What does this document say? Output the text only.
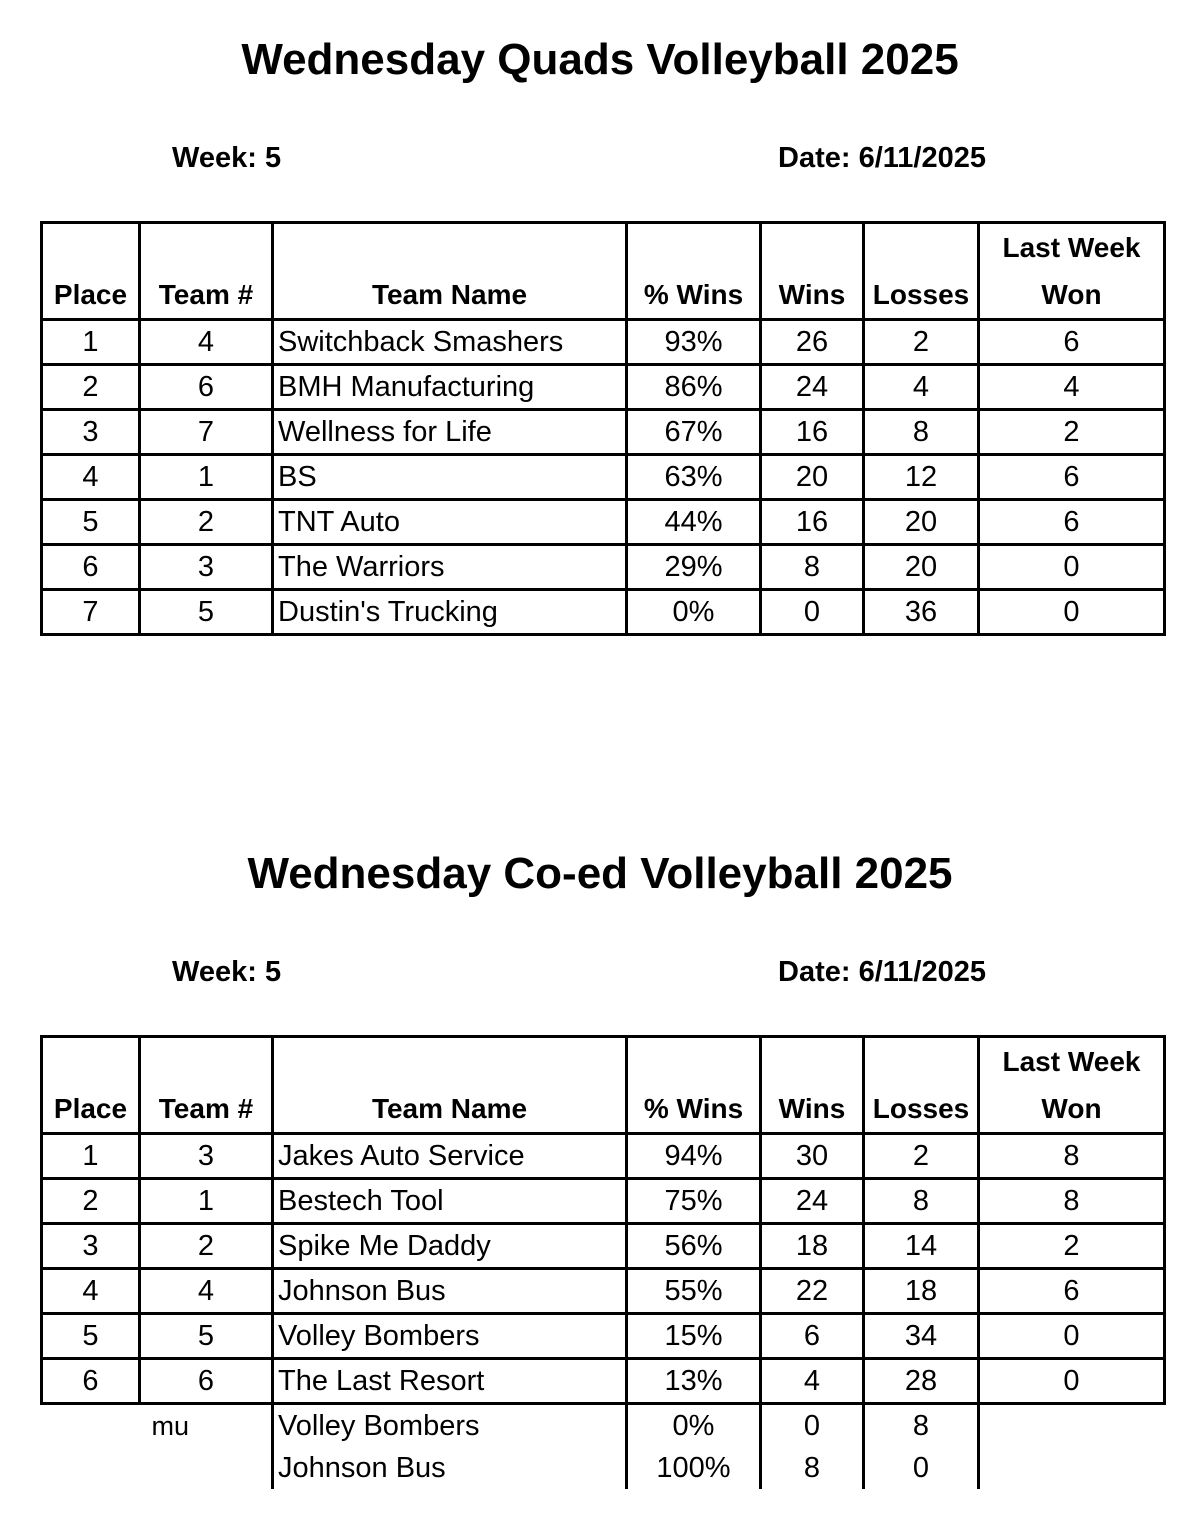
Wednesday Quads Volleyball 2025
Week: 5	Date: 6/11/2025
Place	Team #	Team Name	% Wins	Wins	Losses	Last Week
Won

1	4	Switchback Smashers	93%	26	2	6
2	6	BMH Manufacturing	86%	24	4	4
3	7	Wellness for Life	67%	16	8	2
4	1	BS	63%	20	12	6
5	2	TNT Auto	44%	16	20	6
6	3	The Warriors	29%	8	20	0
7	5	Dustin's Trucking	0%	0	36	0
Wednesday Co-ed Volleyball 2025
Week: 5	Date: 6/11/2025
Place	Team #	Team Name	% Wins	Wins	Losses	Last Week
Won

1	3	Jakes Auto Service	94%	30	2	8
2	1	Bestech Tool	75%	24	8	8
3	2	Spike Me Daddy	56%	18	14	2
4	4	Johnson Bus	55%	22	18	6
5	5	Volley Bombers	15%	6	34	0
6	6	The Last Resort	13%	4	28	0
mu		Volley Bombers	0%	0	8	
		Johnson Bus	100%	8	0	
